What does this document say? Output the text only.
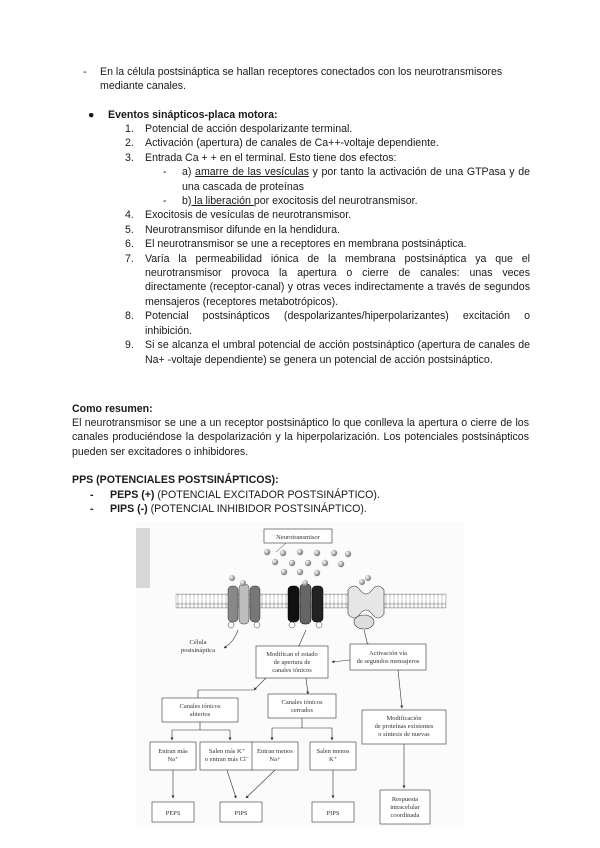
- En la célula postsináptica se hallan receptores conectados con los neurotransmisores mediante canales.
● Eventos sinápticos-placa motora:
1. Potencial de acción despolarizante terminal.
2. Activación (apertura) de canales de Ca++-voltaje dependiente.
3. Entrada Ca + + en el terminal. Esto tiene dos efectos:
- a) amarre de las vesículas y por tanto la activación de una GTPasa y de una cascada de proteínas
- b) la liberación por exocitosis del neurotransmisor.
4. Exocitosis de vesículas de neurotransmisor.
5. Neurotransmisor difunde en la hendidura.
6. El neurotransmisor se une a receptores en membrana postsináptica.
7. Varía la permeabilidad iónica de la membrana postsináptica ya que el neurotransmisor provoca la apertura o cierre de canales: unas veces directamente (receptor-canal) y otras veces indirectamente a través de segundos mensajeros (receptores metabotrópicos).
8. Potencial postsinápticos (despolarizantes/hiperpolarizantes) excitación o inhibición.
9. Si se alcanza el umbral potencial de acción postsináptico (apertura de canales de Na+ -voltaje dependiente) se genera un potencial de acción postsináptico.
Como resumen:
El neurotransmisor se une a un receptor postsináptico lo que conlleva la apertura o cierre de los canales produciéndose la despolarización y la hiperpolarización. Los potenciales postsinápticos pueden ser excitadores o inhibidores.
PPS (POTENCIALES POSTSINÁPTICOS):
- PEPS (+) (POTENCIAL EXCITADOR POSTSINÁPTICO).
- PIPS (-) (POTENCIAL INHIBIDOR POSTSINÁPTICO).
Neurotransmisor
Célula
postsináptica
Modifican el estado
de apertura de
canales iónicos
Activación vía
de segundos mensajeros
Canales iónicos
abiertos
Canales iónicos
cerrados
Modificación
de proteínas existentes
o síntesis de nuevas
Entran más
Na⁺
Salen más K⁺
o entran más Cl⁻
Entran menos
Na+
Salen menos
K⁺
PEPS	PIPS	PIPS
Respuesta
intracelular
coordinada
